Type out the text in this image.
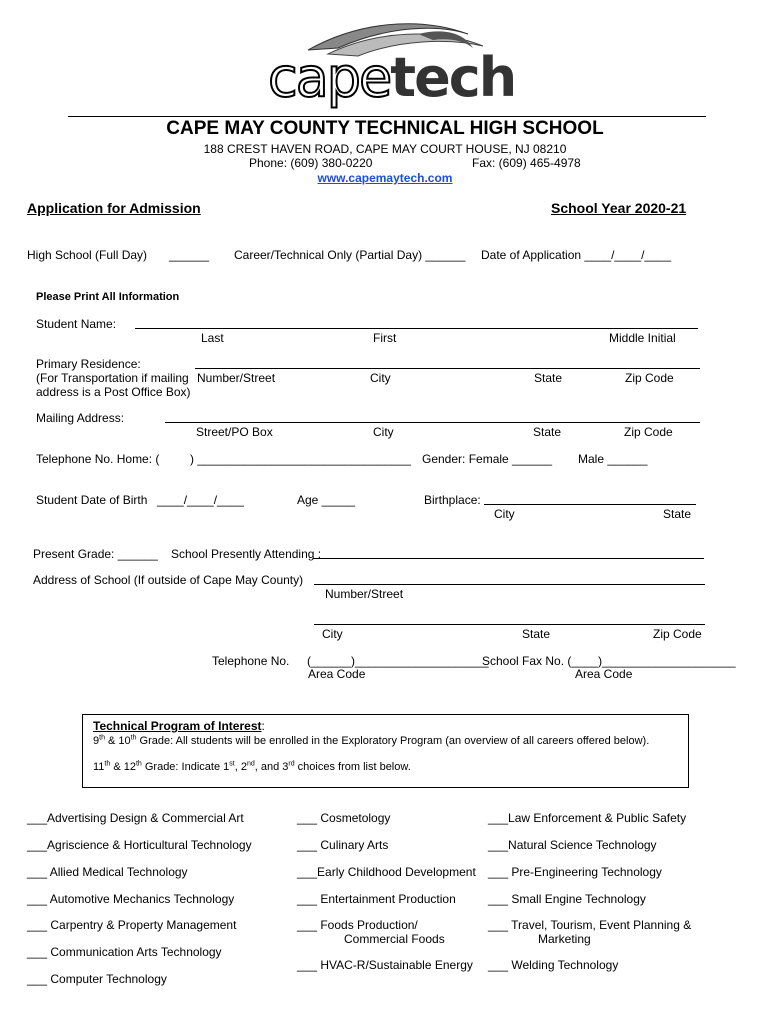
capetech
CAPE MAY COUNTY TECHNICAL HIGH SCHOOL
188 CREST HAVEN ROAD, CAPE MAY COURT HOUSE, NJ 08210
Phone: (609) 380-0220	Fax: (609) 465-4978
www.capemaytech.com
Application for Admission	School Year 2020-21
High School (Full Day) ______ Career/Technical Only (Partial Day) ______ Date of Application ____/____/____
Please Print All Information
Student Name:
Last	First	Middle Initial
Primary Residence:
(For Transportation if mailing
address is a Post Office Box)
Number/Street	City	State	Zip Code
Mailing Address:
Street/PO Box	City	State	Zip Code
Telephone No. Home: (	) ________________________________ Gender: Female ______ Male ______
Student Date of Birth ____/____/____	Age _____	Birthplace:
City	State
Present Grade: ______ School Presently Attending :
Address of School (If outside of Cape May County)
Number/Street
City	State	Zip Code
Telephone No. (______)____________________
Area Code
School Fax No. (____)____________________
Area Code
Technical Program of Interest:
9th & 10th Grade: All students will be enrolled in the Exploratory Program (an overview of all careers offered below).
11th & 12th Grade: Indicate 1st, 2nd, and 3rd choices from list below.
___Advertising Design & Commercial Art
___Agriscience & Horticultural Technology
___ Allied Medical Technology
___ Automotive Mechanics Technology
___ Carpentry & Property Management
___ Communication Arts Technology
___ Computer Technology
___ Cosmetology
___ Culinary Arts
___Early Childhood Development
___ Entertainment Production
___ Foods Production/
Commercial Foods
___ HVAC-R/Sustainable Energy
___Law Enforcement & Public Safety
___Natural Science Technology
___ Pre-Engineering Technology
___ Small Engine Technology
___ Travel, Tourism, Event Planning &
Marketing
___ Welding Technology
